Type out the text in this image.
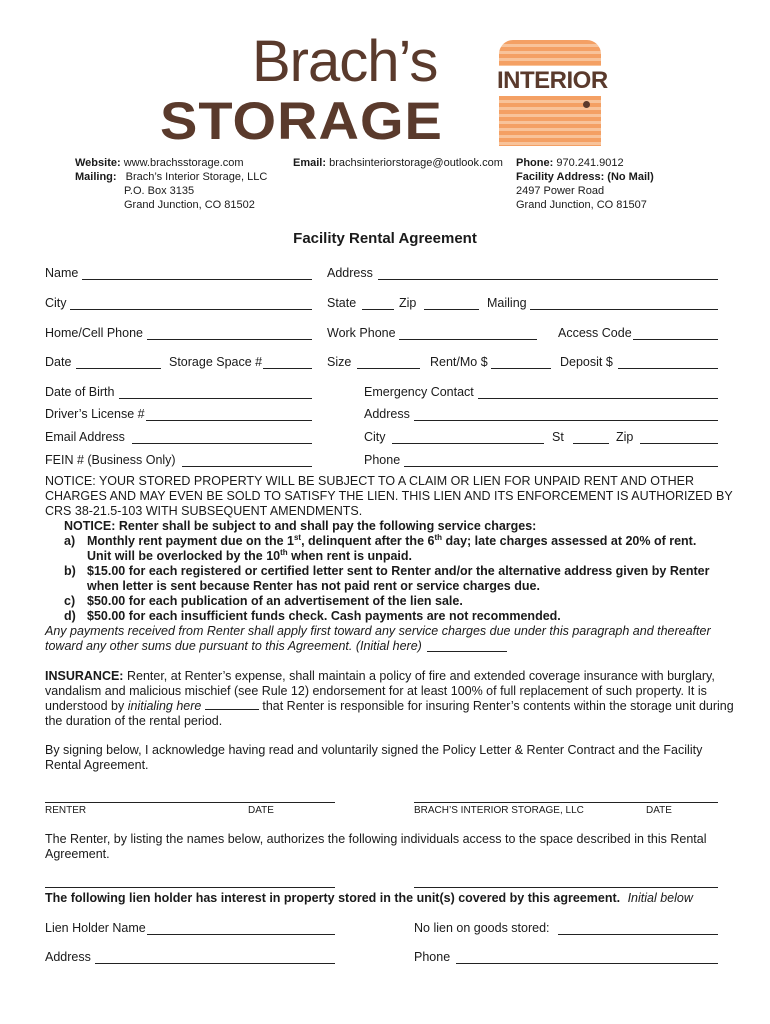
Brach’s
STORAGE
INTERIOR
Website: www.brachsstorage.com
Mailing: Brach’s Interior Storage, LLC
P.O. Box 3135
Grand Junction, CO 81502
Email: brachsinteriorstorage@outlook.com Phone: 970.241.9012
Facility Address: (No Mail)
2497 Power Road
Grand Junction, CO 81507
Facility Rental Agreement
Name	Address
City	State	Zip	Mailing
Home/Cell Phone	Work Phone	Access Code
Date	Storage Space #	Size	Rent/Mo $	Deposit $
Date of Birth	Emergency Contact
Driver’s License #	Address
Email Address	City	St	Zip
FEIN # (Business Only)	Phone
NOTICE: YOUR STORED PROPERTY WILL BE SUBJECT TO A CLAIM OR LIEN FOR UNPAID RENT AND OTHER CHARGES AND MAY EVEN BE SOLD TO SATISFY THE LIEN. THIS LIEN AND ITS ENFORCEMENT IS AUTHORIZED BY CRS 38-21.5-103 WITH SUBSEQUENT AMENDMENTS.
NOTICE: Renter shall be subject to and shall pay the following service charges:
a) Monthly rent payment due on the 1st, delinquent after the 6th day; late charges assessed at 20% of rent.
Unit will be overlocked by the 10th when rent is unpaid.
b) $15.00 for each registered or certified letter sent to Renter and/or the alternative address given by Renter
when letter is sent because Renter has not paid rent or service charges due.
c) $50.00 for each publication of an advertisement of the lien sale.
d) $50.00 for each insufficient funds check. Cash payments are not recommended.
Any payments received from Renter shall apply first toward any service charges due under this paragraph and thereafter
toward any other sums due pursuant to this Agreement. (Initial here)
INSURANCE: Renter, at Renter’s expense, shall maintain a policy of fire and extended coverage insurance with burglary,
vandalism and malicious mischief (see Rule 12) endorsement for at least 100% of full replacement of such property. It is
understood by initialing here	that Renter is responsible for insuring Renter’s contents within the storage unit during
the duration of the rental period.
By signing below, I acknowledge having read and voluntarily signed the Policy Letter & Renter Contract and the Facility
Rental Agreement.
RENTER	DATE	BRACH’S INTERIOR STORAGE, LLC	DATE
The Renter, by listing the names below, authorizes the following individuals access to the space described in this Rental
Agreement.
The following lien holder has interest in property stored in the unit(s) covered by this agreement. Initial below
Lien Holder Name	No lien on goods stored:
Address	Phone
